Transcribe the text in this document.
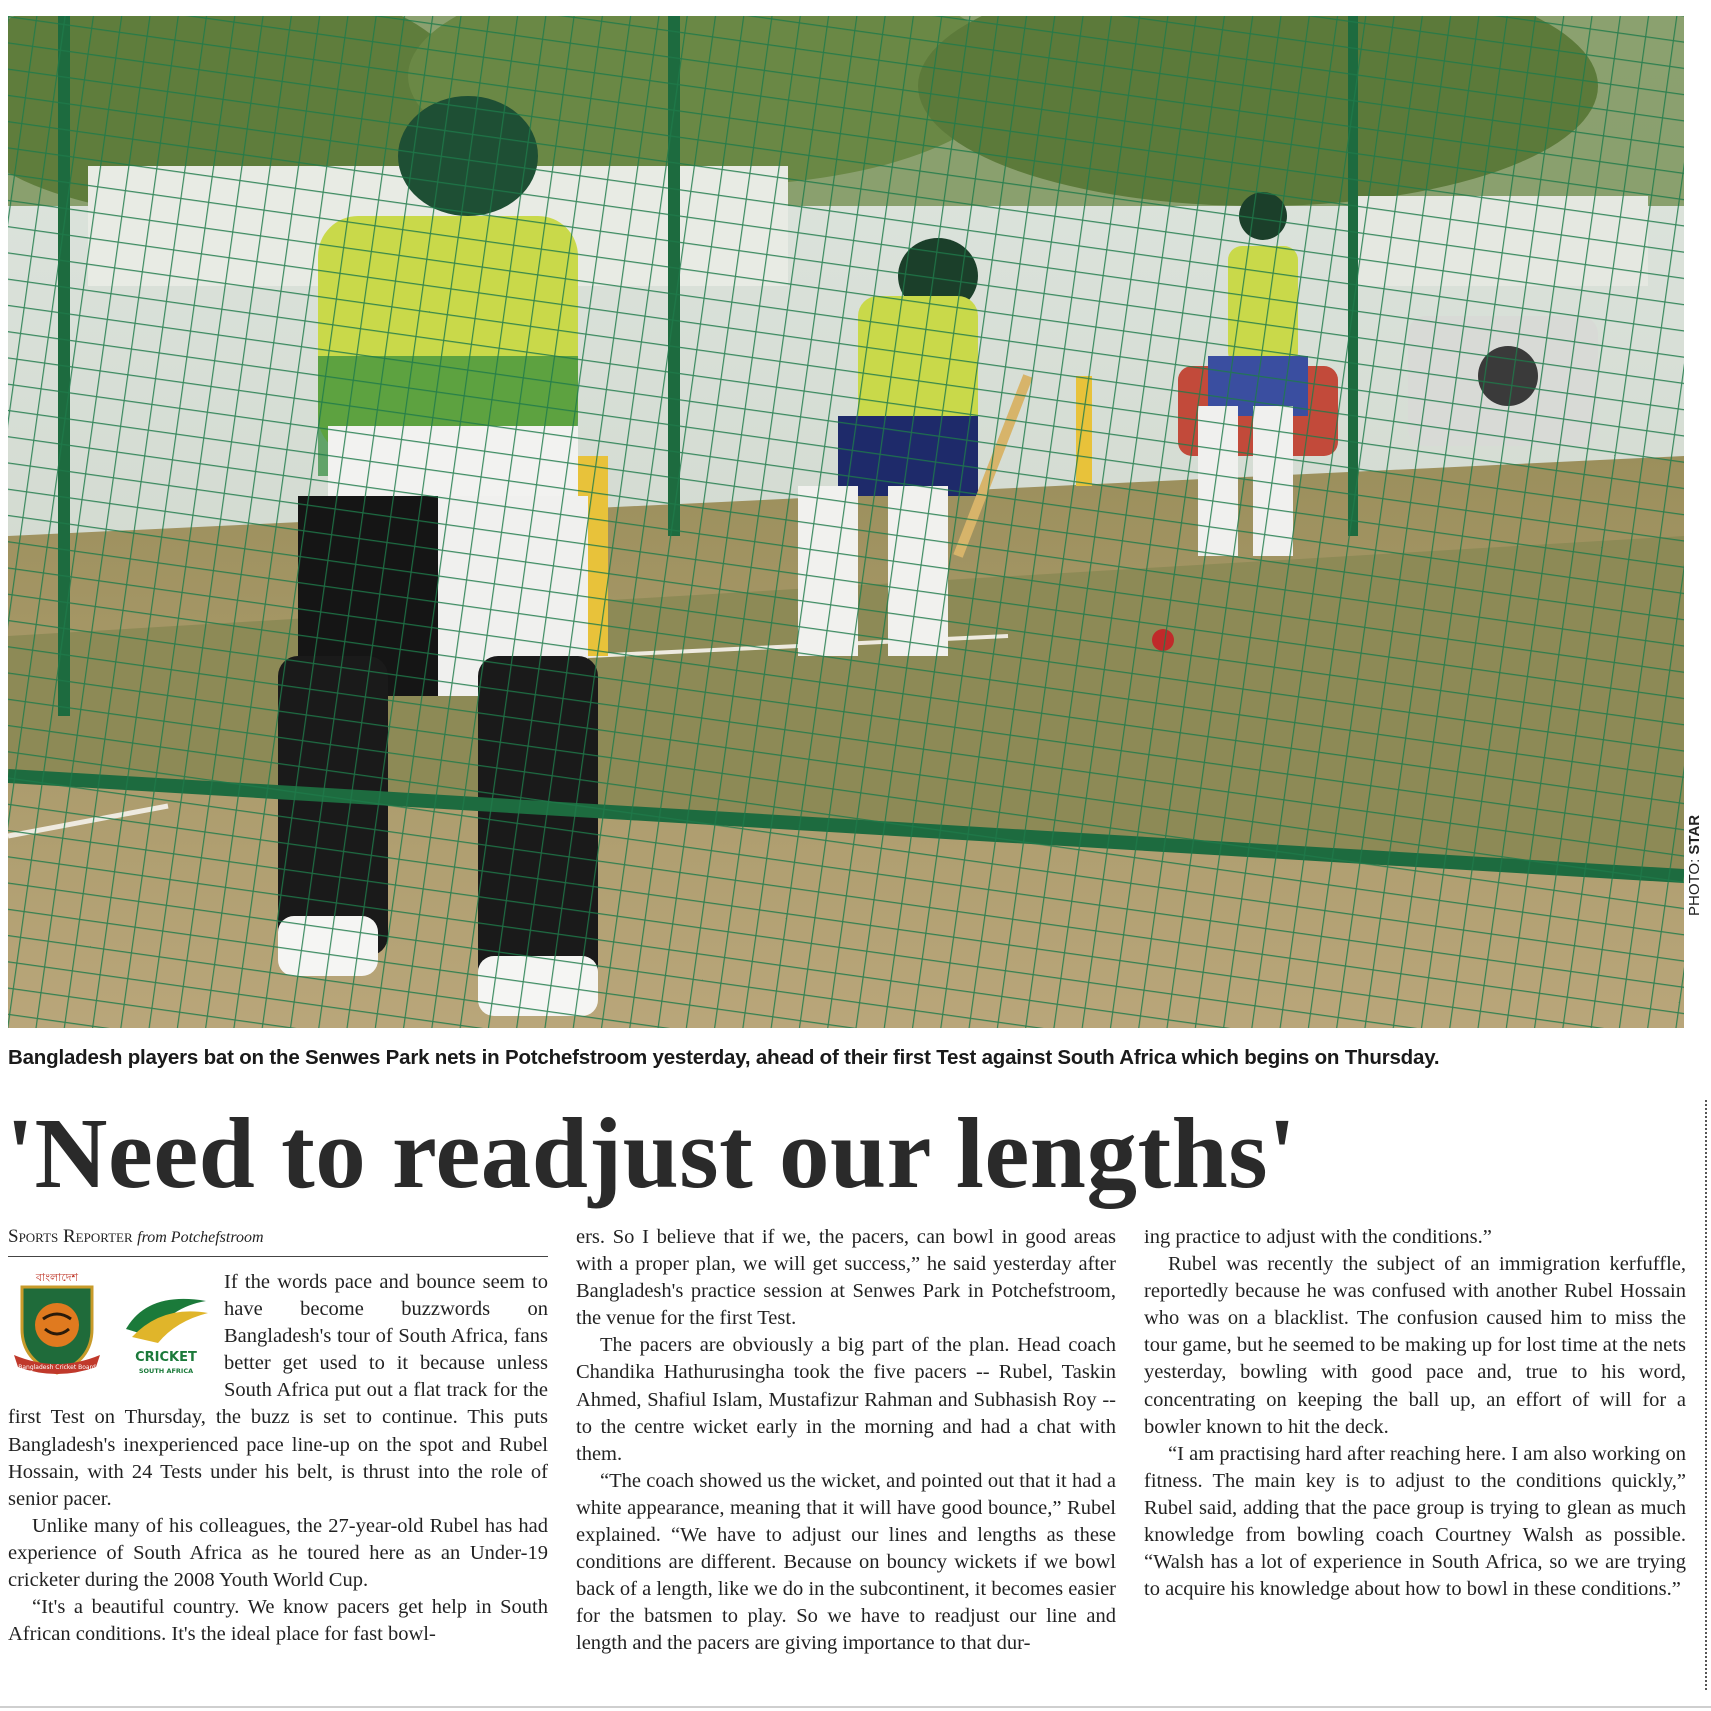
PHOTO: STAR
Bangladesh players bat on the Senwes Park nets in Potchefstroom yesterday, ahead of their first Test against South Africa which begins on Thursday.
'Need to readjust our lengths'
Sports Reporter from Potchefstroom
বাংলাদেশ
Bangladesh Cricket Board
CRICKET
SOUTH AFRICA

If the words pace and bounce seem to have become buzzwords on Bangladesh's tour of South Africa, fans better get used to it because unless South Africa put out a flat track for the first Test on Thursday, the buzz is set to continue. This puts Bangladesh's inexperienced pace line-up on the spot and Rubel Hossain, with 24 Tests under his belt, is thrust into the role of senior pacer.

Unlike many of his colleagues, the 27-year-old Rubel has had experience of South Africa as he toured here as an Under-19 cricketer during the 2008 Youth World Cup.

“It's a beautiful country. We know pacers get help in South African conditions. It's the ideal place for fast bowl-

ers. So I believe that if we, the pacers, can bowl in good areas with a proper plan, we will get success,” he said yesterday after Bangladesh's practice session at Senwes Park in Potchefstroom, the venue for the first Test.

The pacers are obviously a big part of the plan. Head coach Chandika Hathurusingha took the five pacers -- Rubel, Taskin Ahmed, Shafiul Islam, Mustafizur Rahman and Subhasish Roy -- to the centre wicket early in the morning and had a chat with them.

“The coach showed us the wicket, and pointed out that it had a white appearance, meaning that it will have good bounce,” Rubel explained. “We have to adjust our lines and lengths as these conditions are different. Because on bouncy wickets if we bowl back of a length, like we do in the subcontinent, it becomes easier for the batsmen to play. So we have to readjust our line and length and the pacers are giving importance to that dur-

ing practice to adjust with the conditions.”

Rubel was recently the subject of an immigration kerfuffle, reportedly because he was confused with another Rubel Hossain who was on a blacklist. The confusion caused him to miss the tour game, but he seemed to be making up for lost time at the nets yesterday, bowling with good pace and, true to his word, concentrating on keeping the ball up, an effort of will for a bowler known to hit the deck.

“I am practising hard after reaching here. I am also working on fitness. The main key is to adjust to the conditions quickly,” Rubel said, adding that the pace group is trying to glean as much knowledge from bowling coach Courtney Walsh as possible. “Walsh has a lot of experience in South Africa, so we are trying to acquire his knowledge about how to bowl in these conditions.”
